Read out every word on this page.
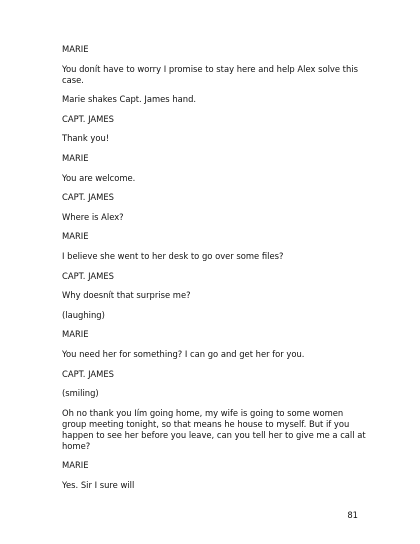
MARIE

You donít have to worry I promise to stay here and help Alex solve this case.

Marie shakes Capt. James hand.

CAPT. JAMES

Thank you!

MARIE

You are welcome.

CAPT. JAMES

Where is Alex?

MARIE

I believe she went to her desk to go over some files?

CAPT. JAMES

Why doesnít that surprise me?

(laughing)

MARIE

You need her for something? I can go and get her for you.

CAPT. JAMES

(smiling)

Oh no thank you Iím going home, my wife is going to some women group meeting tonight, so that means he house to myself. But if you happen to see her before you leave, can you tell her to give me a call at home?

MARIE

Yes. Sir I sure will

81
